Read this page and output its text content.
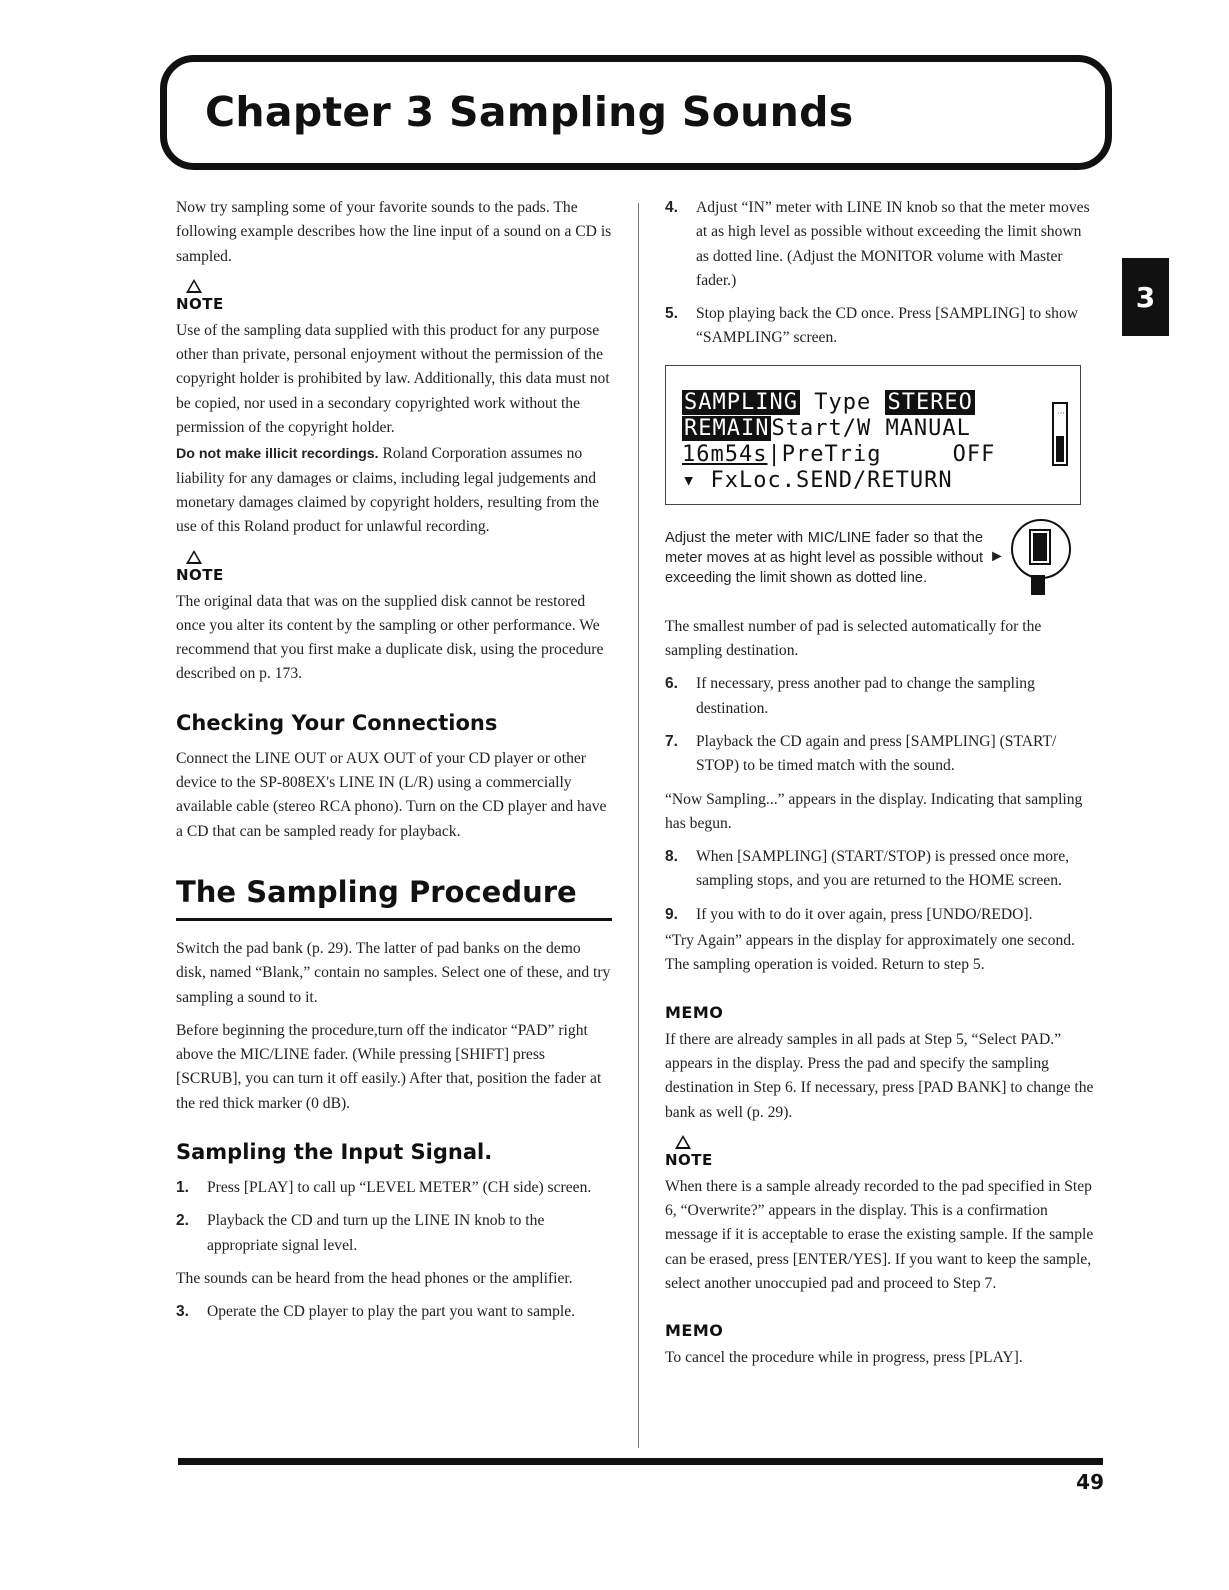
Chapter 3 Sampling Sounds
3

Now try sampling some of your favorite sounds to the pads. The following example describes how the line input of a sound on a CD is sampled.

NOTE

Use of the sampling data supplied with this product for any purpose other than private, personal enjoyment without the permission of the copyright holder is prohibited by law. Additionally, this data must not be copied, nor used in a secondary copyrighted work without the permission of the copyright holder.

Do not make illicit recordings. Roland Corporation assumes no liability for any damages or claims, including legal judgements and monetary damages claimed by copyright holders, resulting from the use of this Roland product for unlawful recording.

NOTE

The original data that was on the supplied disk cannot be restored once you alter its content by the sampling or other performance. We recommend that you first make a duplicate disk, using the procedure described on p. 173.

Checking Your Connections

Connect the LINE OUT or AUX OUT of your CD player or other device to the SP-808EX's LINE IN (L/R) using a commercially available cable (stereo RCA phono). Turn on the CD player and have a CD that can be sampled ready for playback.

The Sampling Procedure

Switch the pad bank (p. 29). The latter of pad banks on the demo disk, named “Blank,” contain no samples. Select one of these, and try sampling a sound to it.

Before beginning the procedure,turn off the indicator “PAD” right above the MIC/LINE fader. (While pressing [SHIFT] press [SCRUB], you can turn it off easily.) After that, position the fader at the red thick marker (0 dB).

Sampling the Input Signal.
1. Press [PLAY] to call up “LEVEL METER” (CH side) screen.
2. Playback the CD and turn up the LINE IN knob to the appropriate signal level.

The sounds can be heard from the head phones or the amplifier.

3. Operate the CD player to play the part you want to sample.
4. Adjust “IN” meter with LINE IN knob so that the meter moves at as high level as possible without exceeding the limit shown as dotted line. (Adjust the MONITOR volume with Master fader.)
5. Stop playing back the CD once. Press [SAMPLING] to show “SAMPLING” screen.
SAMPLING Type STEREO
REMAINStart/W MANUAL
16m54s|PreTrig     OFF
▾ FxLoc.SEND/RETURN
···
Adjust the meter with MIC/LINE fader so that the meter moves at as hight level as possible without exceeding the limit shown as dotted line.
►

The smallest number of pad is selected automatically for the sampling destination.

6. If necessary, press another pad to change the sampling destination.
7. Playback the CD again and press [SAMPLING] (START/ STOP) to be timed match with the sound.

“Now Sampling...” appears in the display. Indicating that sampling has begun.

8. When [SAMPLING] (START/STOP) is pressed once more, sampling stops, and you are returned to the HOME screen.
9. If you with to do it over again, press [UNDO/REDO].

“Try Again” appears in the display for approximately one second. The sampling operation is voided. Return to step 5.

MEMO

If there are already samples in all pads at Step 5, “Select PAD.” appears in the display. Press the pad and specify the sampling destination in Step 6. If necessary, press [PAD BANK] to change the bank as well (p. 29).

NOTE

When there is a sample already recorded to the pad specified in Step 6, “Overwrite?” appears in the display. This is a confirmation message if it is acceptable to erase the existing sample. If the sample can be erased, press [ENTER/YES]. If you want to keep the sample, select another unoccupied pad and proceed to Step 7.

MEMO

To cancel the procedure while in progress, press [PLAY].

49
